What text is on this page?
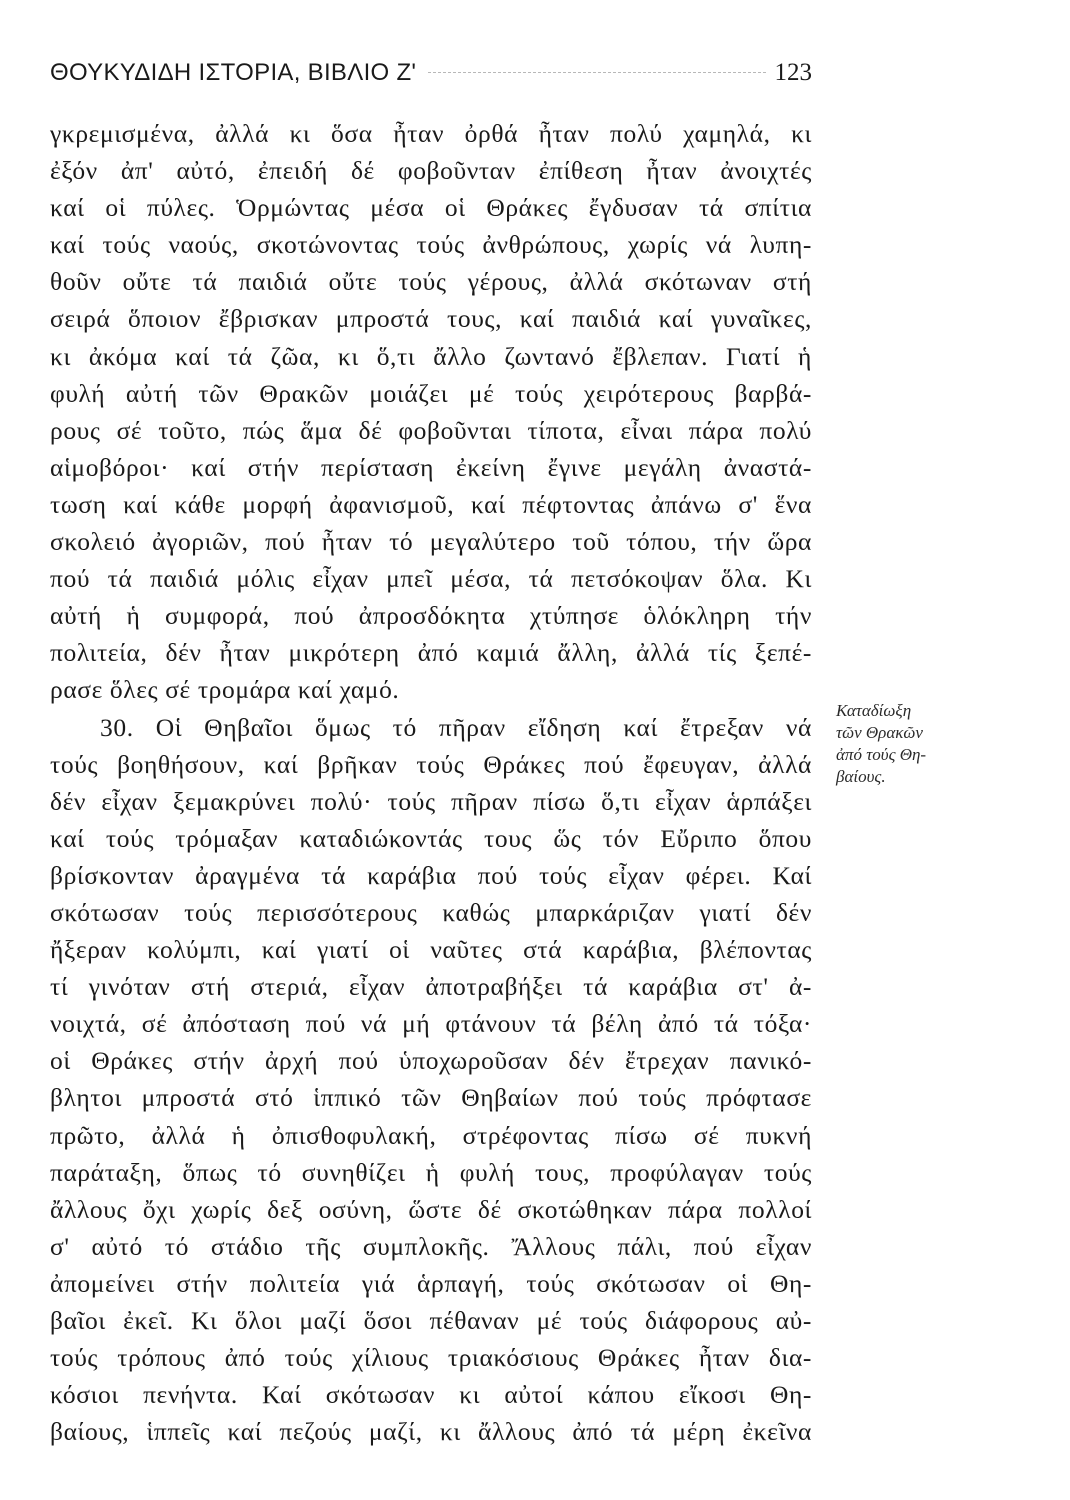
ΘΟΥΚΥΔΙΔΗ ΙΣΤΟΡΙΑ, ΒΙΒΛΙΟ Ζ'	123
γκρεμισμένα, ἀλλά κι ὅσα ἦταν ὀρθά ἦταν πολύ χαμηλά, κι
ἐξόν ἀπ' αὐτό, ἐπειδή δέ φοβοῦνταν ἐπίθεση ἦταν ἀνοιχτές
καί οἱ πύλες. Ὁρμώντας μέσα οἱ Θράκες ἔγδυσαν τά σπίτια
καί τούς ναούς, σκοτώνοντας τούς ἀνθρώπους, χωρίς νά λυπη-
θοῦν οὔτε τά παιδιά οὔτε τούς γέρους, ἀλλά σκότωναν στή
σειρά ὅποιον ἔβρισκαν μπροστά τους, καί παιδιά καί γυναῖκες,
κι ἀκόμα καί τά ζῶα, κι ὅ,τι ἄλλο ζωντανό ἔβλεπαν. Γιατί ἡ
φυλή αὐτή τῶν Θρακῶν μοιάζει μέ τούς χειρότερους βαρβά-
ρους σέ τοῦτο, πώς ἅμα δέ φοβοῦνται τίποτα, εἶναι πάρα πολύ
αἱμοβόροι· καί στήν περίσταση ἐκείνη ἔγινε μεγάλη ἀναστά-
τωση καί κάθε μορφή ἀφανισμοῦ, καί πέφτοντας ἀπάνω σ' ἕνα
σκολειό ἀγοριῶν, πού ἦταν τό μεγαλύτερο τοῦ τόπου, τήν ὥρα
πού τά παιδιά μόλις εἶχαν μπεῖ μέσα, τά πετσόκοψαν ὅλα. Κι
αὐτή ἡ συμφορά, πού ἀπροσδόκητα χτύπησε ὁλόκληρη τήν
πολιτεία, δέν ἦταν μικρότερη ἀπό καμιά ἄλλη, ἀλλά τίς ξεπέ-
ρασε ὅλες σέ τρομάρα καί χαμό.
30. Οἱ Θηβαῖοι ὅμως τό πῆραν εἴδηση καί ἔτρεξαν νά
τούς βοηθήσουν, καί βρῆκαν τούς Θράκες πού ἔφευγαν, ἀλλά
δέν εἶχαν ξεμακρύνει πολύ· τούς πῆραν πίσω ὅ,τι εἶχαν ἁρπάξει
καί τούς τρόμαξαν καταδιώκοντάς τους ὥς τόν Εὔριπο ὅπου
βρίσκονταν ἀραγμένα τά καράβια πού τούς εἶχαν φέρει. Καί
σκότωσαν τούς περισσότερους καθώς μπαρκάριζαν γιατί δέν
ἤξεραν κολύμπι, καί γιατί οἱ ναῦτες στά καράβια, βλέποντας
τί γινόταν στή στεριά, εἶχαν ἀποτραβήξει τά καράβια στ' ἀ-
νοιχτά, σέ ἀπόσταση πού νά μή φτάνουν τά βέλη ἀπό τά τόξα·
οἱ Θράκες στήν ἀρχή πού ὑποχωροῦσαν δέν ἔτρεχαν πανικό-
βλητοι μπροστά στό ἱππικό τῶν Θηβαίων πού τούς πρόφτασε
πρῶτο, ἀλλά ἡ ὀπισθοφυλακή, στρέφοντας πίσω σέ πυκνή
παράταξη, ὅπως τό συνηθίζει ἡ φυλή τους, προφύλαγαν τούς
ἄλλους ὄχι χωρίς δεξ οσύνη, ὥστε δέ σκοτώθηκαν πάρα πολλοί
σ' αὐτό τό στάδιο τῆς συμπλοκῆς. Ἄλλους πάλι, πού εἶχαν
ἀπομείνει στήν πολιτεία γιά ἁρπαγή, τούς σκότωσαν οἱ Θη-
βαῖοι ἐκεῖ. Κι ὅλοι μαζί ὅσοι πέθαναν μέ τούς διάφορους αὐ-
τούς τρόπους ἀπό τούς χίλιους τριακόσιους Θράκες ἦταν δια-
κόσιοι πενήντα. Καί σκότωσαν κι αὐτοί κάπου εἴκοσι Θη-
βαίους, ἱππεῖς καί πεζούς μαζί, κι ἄλλους ἀπό τά μέρη ἐκεῖνα
Καταδίωξη
τῶν Θρακῶν
ἀπό τούς Θη-
βαίους.
